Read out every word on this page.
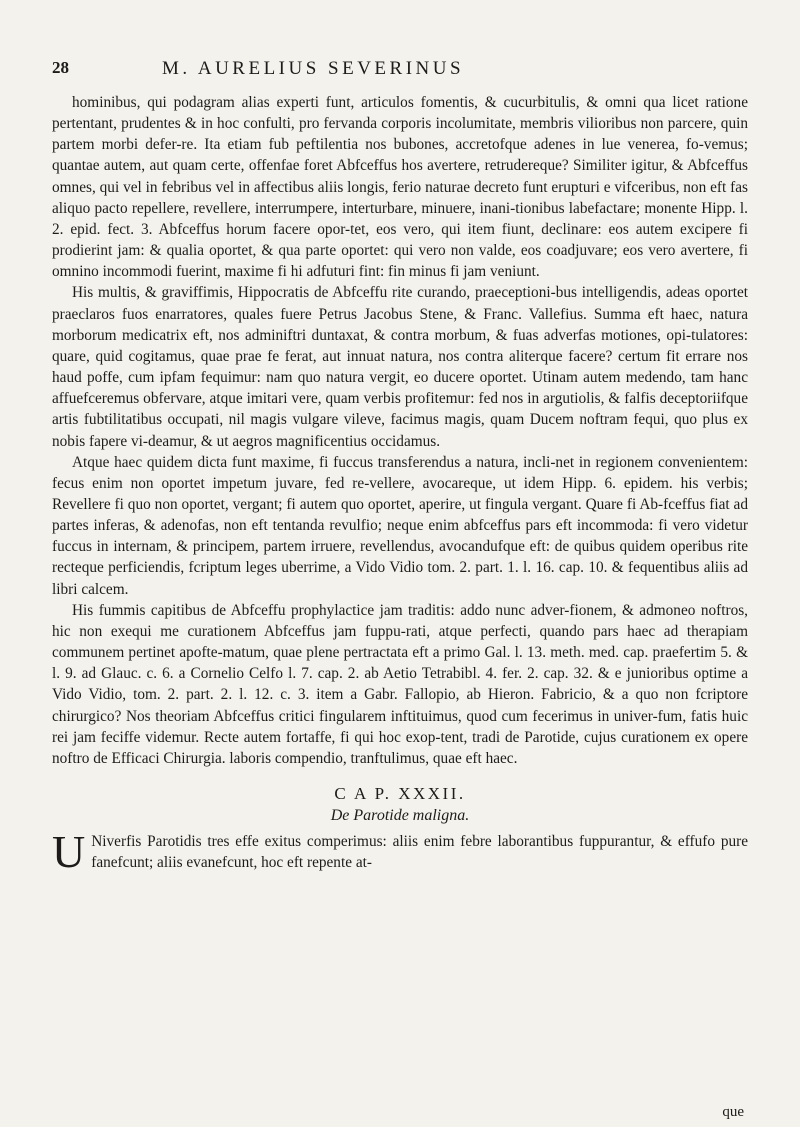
28	M. AURELIUS SEVERINUS

hominibus, qui podagram alias experti funt, articulos fomentis, & cucurbitulis, & omni qua licet ratione pertentant, prudentes & in hoc confulti, pro fervanda corporis incolumitate, membris vilioribus non parcere, quin partem morbi defer-re. Ita etiam fub peftilentia nos bubones, accretofque adenes in lue venerea, fo-vemus; quantae autem, aut quam certe, offenfae foret Abfceffus hos avertere, retrudereque? Similiter igitur, & Abfceffus omnes, qui vel in febribus vel in affectibus aliis longis, ferio naturae decreto funt erupturi e vifceribus, non eft fas aliquo pacto repellere, revellere, interrumpere, interturbare, minuere, inani-tionibus labefactare; monente Hipp. l. 2. epid. fect. 3. Abfceffus horum facere opor-tet, eos vero, qui item fiunt, declinare: eos autem excipere fi prodierint jam: & qualia oportet, & qua parte oportet: qui vero non valde, eos coadjuvare; eos vero avertere, fi omnino incommodi fuerint, maxime fi hi adfuturi fint: fin minus fi jam veniunt.

His multis, & graviffimis, Hippocratis de Abfceffu rite curando, praeceptioni-bus intelligendis, adeas oportet praeclaros fuos enarratores, quales fuere Petrus Jacobus Stene, & Franc. Vallefius. Summa eft haec, natura morborum medicatrix eft, nos adminiftri duntaxat, & contra morbum, & fuas adverfas motiones, opi-tulatores: quare, quid cogitamus, quae prae fe ferat, aut innuat natura, nos contra aliterque facere? certum fit errare nos haud poffe, cum ipfam fequimur: nam quo natura vergit, eo ducere oportet. Utinam autem medendo, tam hanc affuefceremus obfervare, atque imitari vere, quam verbis profitemur: fed nos in argutiolis, & falfis deceptoriifque artis fubtilitatibus occupati, nil magis vulgare vileve, facimus magis, quam Ducem noftram fequi, quo plus ex nobis fapere vi-deamur, & ut aegros magnificentius occidamus.

Atque haec quidem dicta funt maxime, fi fuccus transferendus a natura, incli-net in regionem convenientem: fecus enim non oportet impetum juvare, fed re-vellere, avocareque, ut idem Hipp. 6. epidem. his verbis; Revellere fi quo non oportet, vergant; fi autem quo oportet, aperire, ut fingula vergant. Quare fi Ab-fceffus fiat ad partes inferas, & adenofas, non eft tentanda revulfio; neque enim abfceffus pars eft incommoda: fi vero videtur fuccus in internam, & principem, partem irruere, revellendus, avocandufque eft: de quibus quidem operibus rite recteque perficiendis, fcriptum leges uberrime, a Vido Vidio tom. 2. part. 1. l. 16. cap. 10. & fequentibus aliis ad libri calcem.

His fummis capitibus de Abfceffu prophylactice jam traditis: addo nunc adver-fionem, & admoneo noftros, hic non exequi me curationem Abfceffus jam fuppu-rati, atque perfecti, quando pars haec ad therapiam communem pertinet apofte-matum, quae plene pertractata eft a primo Gal. l. 13. meth. med. cap. praefertim 5. & l. 9. ad Glauc. c. 6. a Cornelio Celfo l. 7. cap. 2. ab Aetio Tetrabibl. 4. fer. 2. cap. 32. & e junioribus optime a Vido Vidio, tom. 2. part. 2. l. 12. c. 3. item a Gabr. Fallopio, ab Hieron. Fabricio, & a quo non fcriptore chirurgico? Nos theoriam Abfceffus critici fingularem inftituimus, quod cum fecerimus in univer-fum, fatis huic rei jam feciffe videmur. Recte autem fortaffe, fi qui hoc exop-tent, tradi de Parotide, cujus curationem ex opere noftro de Efficaci Chirurgia. laboris compendio, tranftulimus, quae eft haec.

C A P. XXXII.
De Parotide maligna.
U Niverfis Parotidis tres effe exitus comperimus: aliis enim febre laborantibus fuppurantur, & effufo pure fanefcunt; aliis evanefcunt, hoc eft repente at-

que
